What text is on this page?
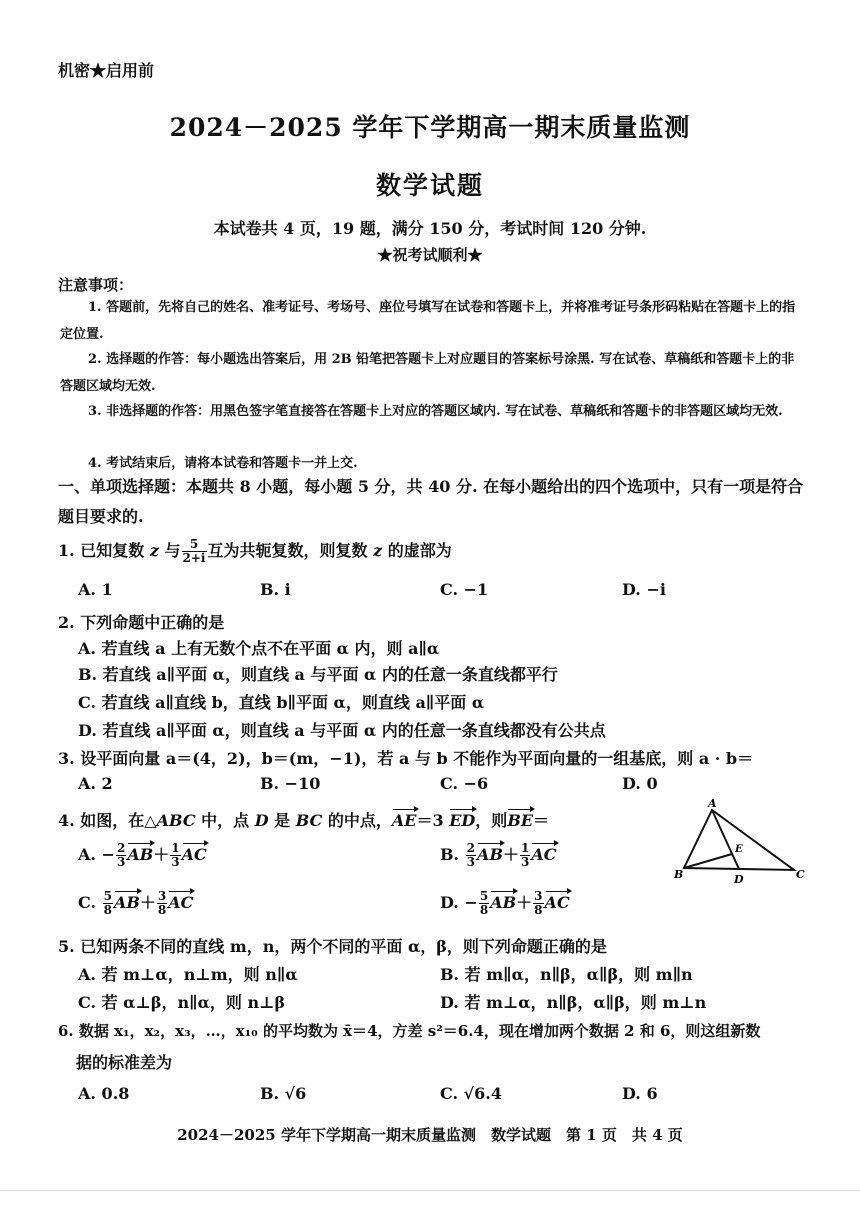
机密★启用前
2024－2025 学年下学期高一期末质量监测
数学试题
本试卷共 4 页，19 题，满分 150 分，考试时间 120 分钟.
★祝考试顺利★
注意事项：
1. 答题前，先将自己的姓名、准考证号、考场号、座位号填写在试卷和答题卡上，并将准考证号条形码粘贴在答题卡上的指定位置.
2. 选择题的作答：每小题选出答案后，用 2B 铅笔把答题卡上对应题目的答案标号涂黑. 写在试卷、草稿纸和答题卡上的非答题区域均无效.
3. 非选择题的作答：用黑色签字笔直接答在答题卡上对应的答题区域内. 写在试卷、草稿纸和答题卡的非答题区域均无效.
4. 考试结束后，请将本试卷和答题卡一并上交.
一、单项选择题：本题共 8 小题，每小题 5 分，共 40 分. 在每小题给出的四个选项中，只有一项是符合题目要求的.
1. 已知复数 z 与 $\frac{5}{2+i}$ 互为共轭复数，则复数 z 的虚部为
A. 1	B. i	C. −1	D. −i
2. 下列命题中正确的是
A. 若直线 a 上有无数个点不在平面 α 内，则 a∥α
B. 若直线 a∥平面 α，则直线 a 与平面 α 内的任意一条直线都平行
C. 若直线 a∥直线 b，直线 b∥平面 α，则直线 a∥平面 α
D. 若直线 a∥平面 α，则直线 a 与平面 α 内的任意一条直线都没有公共点
3. 设平面向量 a＝(4，2)，b＝(m，−1)，若 a 与 b 不能作为平面向量的一组基底，则 a · b＝
A. 2	B. −10	C. −6	D. 0
4. 如图，在△ABC 中，点 D 是 BC 的中点，AE＝3 ED，则BE＝
A. − $\frac{2}{3} AB+ \frac{1}{3}$ AC	B. $\frac{2}{3} AB+ \frac{1}{3}$ AC
C. $\frac{5}{8} AB+ \frac{3}{8}$ AC	D. − $\frac{5}{8} AB+ \frac{3}{8}$ AC
A
B	C
D
E
5. 已知两条不同的直线 m，n，两个不同的平面 α，β，则下列命题正确的是
A. 若 m⊥α，n⊥m，则 n∥α	B. 若 m∥α，n∥β，α∥β，则 m∥n
C. 若 α⊥β，n∥α，则 n⊥β	D. 若 m⊥α，n∥β，α∥β，则 m⊥n
6. 数据 x₁，x₂，x₃，…，x₁₀ 的平均数为 x̄＝4，方差 s²＝6.4，现在增加两个数据 2 和 6，则这组新数
据的标准差为
A. 0.8	B. √6	C. √6.4	D. 6
2024－2025 学年下学期高一期末质量监测　数学试题　第 1 页　共 4 页
